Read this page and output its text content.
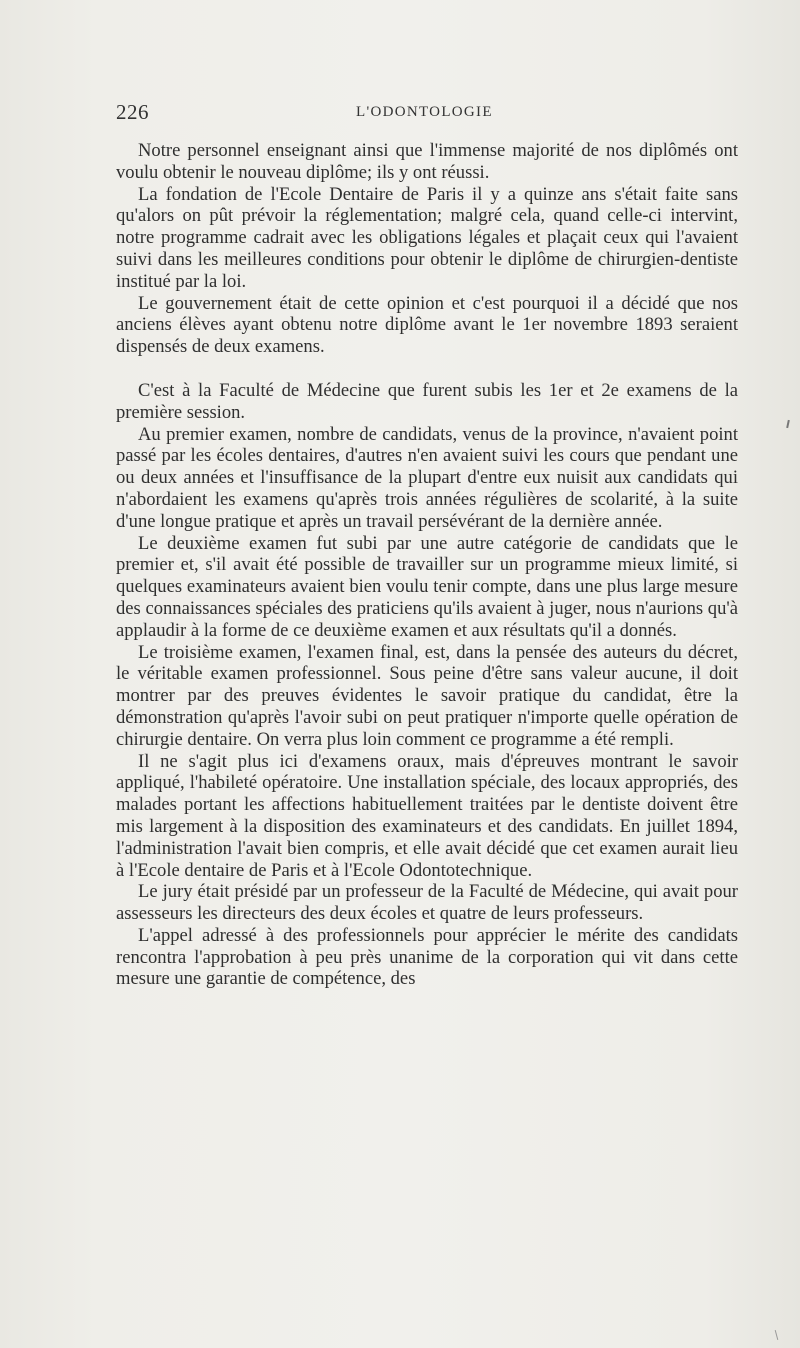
226	L'ODONTOLOGIE

Notre personnel enseignant ainsi que l'immense majorité de nos diplômés ont voulu obtenir le nouveau diplôme; ils y ont réussi.

La fondation de l'Ecole Dentaire de Paris il y a quinze ans s'était faite sans qu'alors on pût prévoir la réglementation; malgré cela, quand celle-ci intervint, notre programme cadrait avec les obligations légales et plaçait ceux qui l'avaient suivi dans les meilleures conditions pour obtenir le diplôme de chirurgien-dentiste institué par la loi.

Le gouvernement était de cette opinion et c'est pourquoi il a décidé que nos anciens élèves ayant obtenu notre diplôme avant le 1er novembre 1893 seraient dispensés de deux examens.

C'est à la Faculté de Médecine que furent subis les 1er et 2e examens de la première session.

Au premier examen, nombre de candidats, venus de la province, n'avaient point passé par les écoles dentaires, d'autres n'en avaient suivi les cours que pendant une ou deux années et l'insuffisance de la plupart d'entre eux nuisit aux candidats qui n'abordaient les examens qu'après trois années régulières de scolarité, à la suite d'une longue pratique et après un travail persévérant de la dernière année.

Le deuxième examen fut subi par une autre catégorie de candidats que le premier et, s'il avait été possible de travailler sur un programme mieux limité, si quelques examinateurs avaient bien voulu tenir compte, dans une plus large mesure des connaissances spéciales des praticiens qu'ils avaient à juger, nous n'aurions qu'à applaudir à la forme de ce deuxième examen et aux résultats qu'il a donnés.

Le troisième examen, l'examen final, est, dans la pensée des auteurs du décret, le véritable examen professionnel. Sous peine d'être sans valeur aucune, il doit montrer par des preuves évidentes le savoir pratique du candidat, être la démonstration qu'après l'avoir subi on peut pratiquer n'importe quelle opération de chirurgie dentaire. On verra plus loin comment ce programme a été rempli.

Il ne s'agit plus ici d'examens oraux, mais d'épreuves montrant le savoir appliqué, l'habileté opératoire. Une installation spéciale, des locaux appropriés, des malades portant les affections habituellement traitées par le dentiste doivent être mis largement à la disposition des examinateurs et des candidats. En juillet 1894, l'administration l'avait bien compris, et elle avait décidé que cet examen aurait lieu à l'Ecole dentaire de Paris et à l'Ecole Odontotechnique.

Le jury était présidé par un professeur de la Faculté de Médecine, qui avait pour assesseurs les directeurs des deux écoles et quatre de leurs professeurs.

L'appel adressé à des professionnels pour apprécier le mérite des candidats rencontra l'approbation à peu près unanime de la corporation qui vit dans cette mesure une garantie de compétence, des
